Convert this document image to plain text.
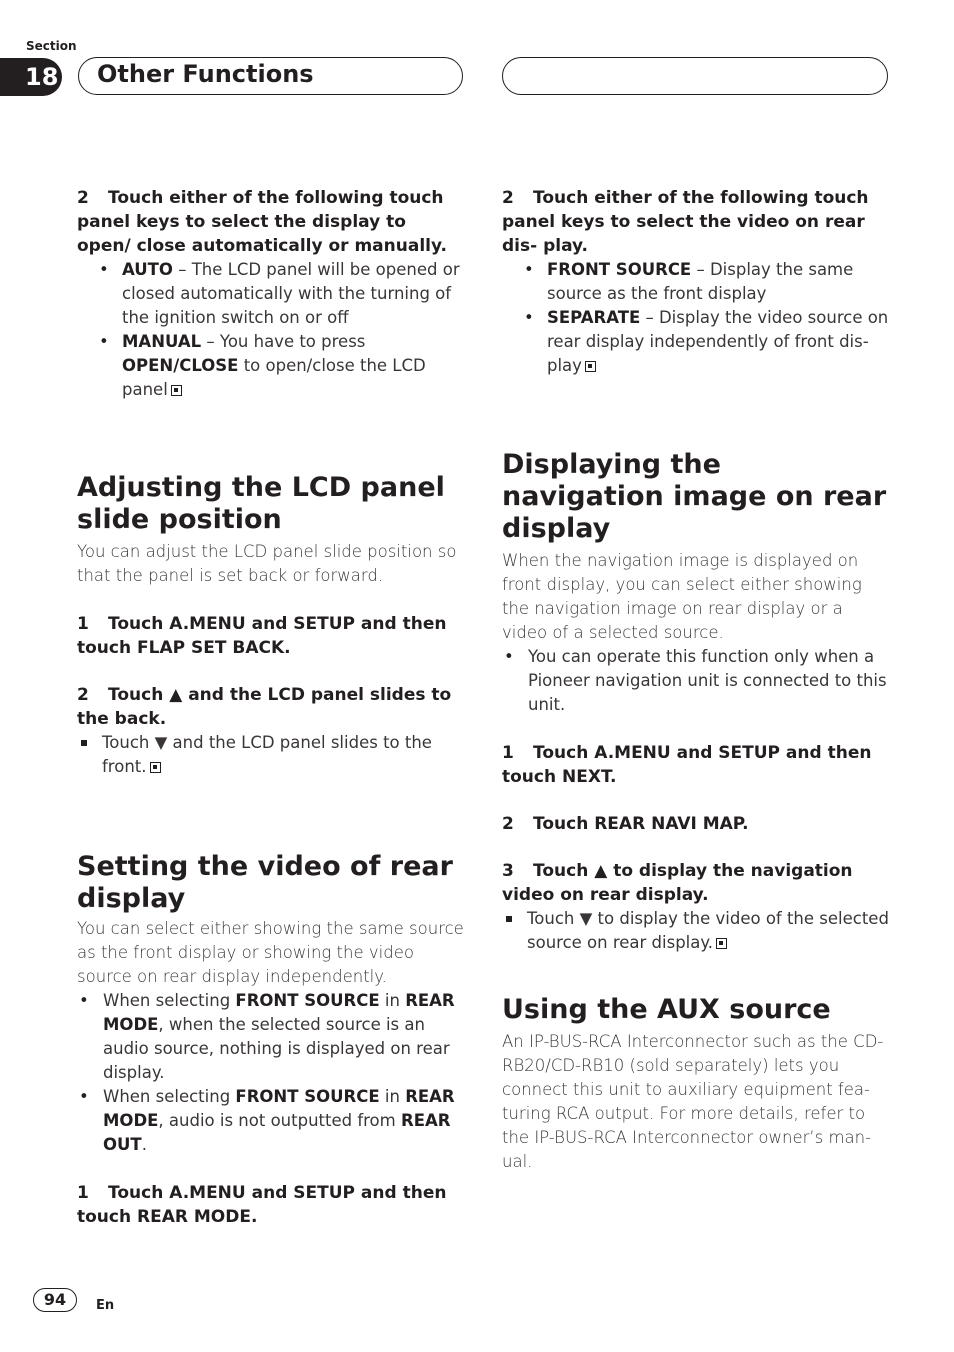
Section
18 Other Functions
2 Touch either of the following touch panel keys to select the display to open/ close automatically or manually.
• AUTO – The LCD panel will be opened or closed automatically with the turning of the ignition switch on or off
• MANUAL – You have to press OPEN/CLOSE to open/close the LCD panel
Adjusting the LCD panel slide position
You can adjust the LCD panel slide position so that the panel is set back or forward.
1 Touch A.MENU and SETUP and then touch FLAP SET BACK.
2 Touch ▲ and the LCD panel slides to the back.
Touch ▼ and the LCD panel slides to the front.
Setting the video of rear display
You can select either showing the same source as the front display or showing the video source on rear display independently.
• When selecting FRONT SOURCE in REAR MODE, when the selected source is an audio source, nothing is displayed on rear display.
• When selecting FRONT SOURCE in REAR MODE, audio is not outputted from REAR OUT.
1 Touch A.MENU and SETUP and then touch REAR MODE.
2 Touch either of the following touch panel keys to select the video on rear dis- play.
• FRONT SOURCE – Display the same source as the front display
• SEPARATE – Display the video source on rear display independently of front dis- play
Displaying the navigation image on rear display
When the navigation image is displayed on front display, you can select either showing the navigation image on rear display or a video of a selected source.
• You can operate this function only when a Pioneer navigation unit is connected to this unit.
1 Touch A.MENU and SETUP and then touch NEXT.
2 Touch REAR NAVI MAP.
3 Touch ▲ to display the navigation video on rear display.
Touch ▼ to display the video of the selected source on rear display.
Using the AUX source
An IP-BUS-RCA Interconnector such as the CD-RB20/CD-RB10 (sold separately) lets you connect this unit to auxiliary equipment fea- turing RCA output. For more details, refer to the IP-BUS-RCA Interconnector owner’s man- ual.
94	En
